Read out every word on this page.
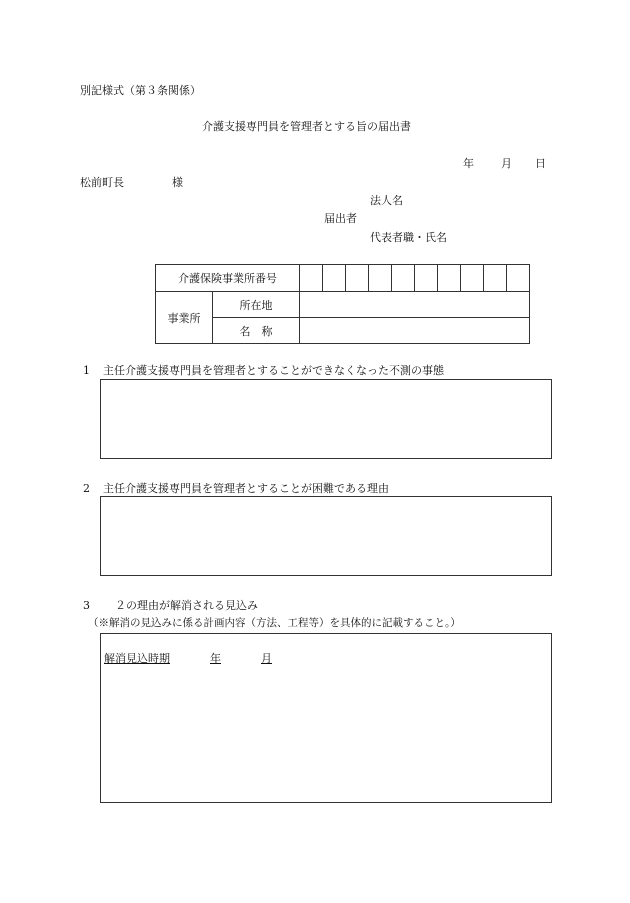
別記様式（第３条関係）
介護支援専門員を管理者とする旨の届出書
年 月 日
松前町長	様
法人名
届出者
代表者職・氏名
介護保険事業所番号											
事業所	所在地										
	名　称										
1 主任介護支援専門員を管理者とすることができなくなった不測の事態
2 主任介護支援専門員を管理者とすることが困難である理由
3 ２の理由が解消される見込み
（※解消の見込みに係る計画内容（方法、工程等）を具体的に記載すること。）
解消見込時期	年	月
